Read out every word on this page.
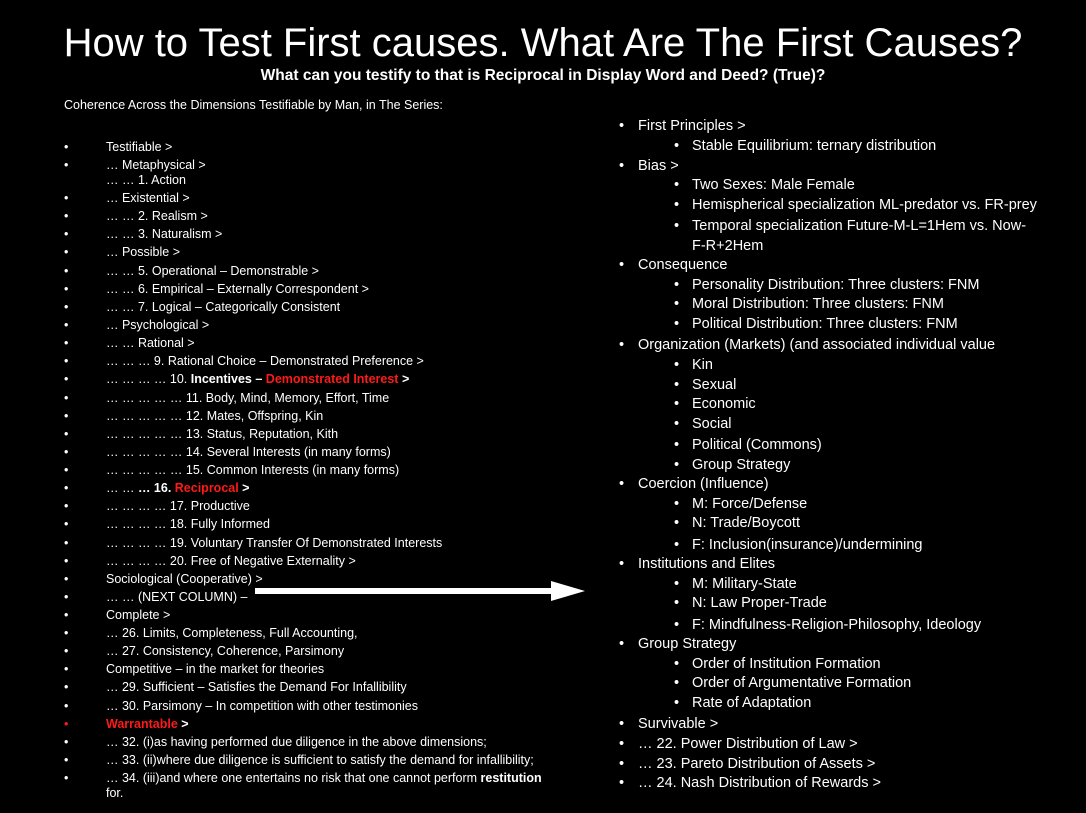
How to Test First causes. What Are The First Causes?
What can you testify to that is Reciprocal in Display Word and Deed? (True)?
Coherence Across the Dimensions Testifiable by Man, in The Series:
•	Testifiable >
•	… Metaphysical >
… … 1. Action
•	… Existential >
•	… … 2. Realism >
•	… … 3. Naturalism >
•	… Possible >
•	… … 5. Operational – Demonstrable >
•	… … 6. Empirical – Externally Correspondent >
•	… … 7. Logical – Categorically Consistent
•	… Psychological >
•	… … Rational >
•	… … … 9. Rational Choice – Demonstrated Preference >
•	… … … … 10. Incentives – Demonstrated Interest >
•	… … … … … 11. Body, Mind, Memory, Effort, Time
•	… … … … … 12. Mates, Offspring, Kin
•	… … … … … 13. Status, Reputation, Kith
•	… … … … … 14. Several Interests (in many forms)
•	… … … … … 15. Common Interests (in many forms)
•	… … … 16. Reciprocal >
•	… … … … 17. Productive
•	… … … … 18. Fully Informed
•	… … … … 19. Voluntary Transfer Of Demonstrated Interests
•	… … … … 20. Free of Negative Externality >
•	Sociological (Cooperative) >
•	… … (NEXT COLUMN) –
•	Complete >
•	… 26. Limits, Completeness, Full Accounting,
•	… 27. Consistency, Coherence, Parsimony
•	Competitive – in the market for theories
•	… 29. Sufficient – Satisfies the Demand For Infallibility
•	… 30. Parsimony – In competition with other testimonies
•	Warrantable >
•	… 32. (i)as having performed due diligence in the above dimensions;
•	… 33. (ii)where due diligence is sufficient to satisfy the demand for infallibility;
•	… 34. (iii)and where one entertains no risk that one cannot perform restitution
for.
• First Principles >
• Stable Equilibrium: ternary distribution
• Bias >
• Two Sexes: Male Female
• Hemispherical specialization ML-predator vs. FR-prey
• Temporal specialization Future-M-L=1Hem vs. Now-
F-R+2Hem
• Consequence
• Personality Distribution: Three clusters: FNM
• Moral Distribution: Three clusters: FNM
• Political Distribution: Three clusters: FNM
• Organization (Markets) (and associated individual value
• Kin
• Sexual
• Economic
• Social
• Political (Commons)
• Group Strategy
• Coercion (Influence)
• M: Force/Defense
• N: Trade/Boycott
• F: Inclusion(insurance)/undermining
• Institutions and Elites
• M: Military-State
• N: Law Proper-Trade
• F: Mindfulness-Religion-Philosophy, Ideology
• Group Strategy
• Order of Institution Formation
• Order of Argumentative Formation
• Rate of Adaptation
• Survivable >
• … 22. Power Distribution of Law >
• … 23. Pareto Distribution of Assets >
• … 24. Nash Distribution of Rewards >
